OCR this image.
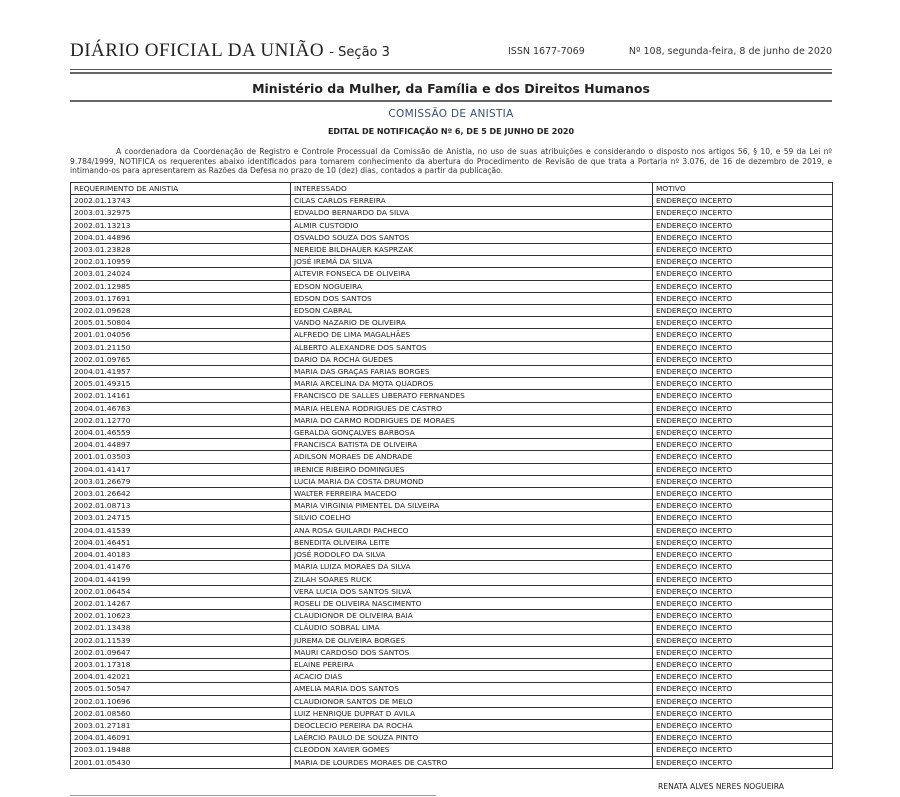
DIÁRIO OFICIAL DA UNIÃO - Seção 3	ISSN 1677-7069	Nº 108, segunda-feira, 8 de junho de 2020
Ministério da Mulher, da Família e dos Direitos Humanos
COMISSÃO DE ANISTIA
EDITAL DE NOTIFICAÇÃO Nº 6, DE 5 DE JUNHO DE 2020

A coordenadora da Coordenação de Registro e Controle Processual da Comissão de Anistia, no uso de suas atribuições e considerando o disposto nos artigos 56, § 10, e 59 da Lei nº 9.784/1999, NOTIFICA os requerentes abaixo identificados para tomarem conhecimento da abertura do Procedimento de Revisão de que trata a Portaria nº 3.076, de 16 de dezembro de 2019, e intimando-os para apresentarem as Razões da Defesa no prazo de 10 (dez) dias, contados a partir da publicação.

REQUERIMENTO DE ANISTIA	INTERESSADO	MOTIVO
2002.01.13743	CILAS CARLOS FERREIRA	ENDEREÇO INCERTO
2003.01.32975	EDVALDO BERNARDO DA SILVA	ENDEREÇO INCERTO
2002.01.13213	ALMIR CUSTODIO	ENDEREÇO INCERTO
2004.01.44896	OSVALDO SOUZA DOS SANTOS	ENDEREÇO INCERTO
2003.01.23828	NEREIDE BILDHAUER KASPRZAK	ENDEREÇO INCERTO
2002.01.10959	JOSÉ IREMÁ DA SILVA	ENDEREÇO INCERTO
2003.01.24024	ALTEVIR FONSECA DE OLIVEIRA	ENDEREÇO INCERTO
2002.01.12985	EDSON NOGUEIRA	ENDEREÇO INCERTO
2003.01.17691	EDSON DOS SANTOS	ENDEREÇO INCERTO
2002.01.09628	EDSON CABRAL	ENDEREÇO INCERTO
2005.01.50804	VANDO NAZARIO DE OLIVEIRA	ENDEREÇO INCERTO
2001.01.04056	ALFREDO DE LIMA MAGALHÃES	ENDEREÇO INCERTO
2003.01.21150	ALBERTO ALEXANDRE DOS SANTOS	ENDEREÇO INCERTO
2002.01.09765	DARIO DA ROCHA GUEDES	ENDEREÇO INCERTO
2004.01.41957	MARIA DAS GRAÇAS FARIAS BORGES	ENDEREÇO INCERTO
2005.01.49315	MARIA ARCELINA DA MOTA QUADROS	ENDEREÇO INCERTO
2002.01.14161	FRANCISCO DE SALLES LIBERATO FERNANDES	ENDEREÇO INCERTO
2004.01.46763	MARIA HELENA RODRIGUES DE CASTRO	ENDEREÇO INCERTO
2002.01.12770	MARIA DO CARMO RODRIGUES DE MORAES	ENDEREÇO INCERTO
2004.01.46559	GERALDA GONÇALVES BARBOSA	ENDEREÇO INCERTO
2004.01.44897	FRANCISCA BATISTA DE OLIVEIRA	ENDEREÇO INCERTO
2001.01.03503	ADILSON MORAES DE ANDRADE	ENDEREÇO INCERTO
2004.01.41417	IRENICE RIBEIRO DOMINGUES	ENDEREÇO INCERTO
2003.01.26679	LUCIA MARIA DA COSTA DRUMOND	ENDEREÇO INCERTO
2003.01.26642	WALTER FERREIRA MACEDO	ENDEREÇO INCERTO
2002.01.08713	MARIA VIRGINIA PIMENTEL DA SILVEIRA	ENDEREÇO INCERTO
2003.01.24715	SILVIO COELHO	ENDEREÇO INCERTO
2004.01.41539	ANA ROSA GUILARDI PACHECO	ENDEREÇO INCERTO
2004.01.46451	BENEDITA OLIVEIRA LEITE	ENDEREÇO INCERTO
2004.01.40183	JOSÉ RODOLFO DA SILVA	ENDEREÇO INCERTO
2004.01.41476	MARIA LUIZA MORAES DA SILVA	ENDEREÇO INCERTO
2004.01.44199	ZILAH SOARES RUCK	ENDEREÇO INCERTO
2002.01.06454	VERA LUCIA DOS SANTOS SILVA	ENDEREÇO INCERTO
2002.01.14267	ROSELI DE OLIVEIRA NASCIMENTO	ENDEREÇO INCERTO
2002.01.10623	CLAUDIONOR DE OLIVEIRA BAIA	ENDEREÇO INCERTO
2002.01.13438	CLÁUDIO SOBRAL LIMA	ENDEREÇO INCERTO
2002.01.11539	JUREMA DE OLIVEIRA BORGES	ENDEREÇO INCERTO
2002.01.09647	MAURI CARDOSO DOS SANTOS	ENDEREÇO INCERTO
2003.01.17318	ELAINE PEREIRA	ENDEREÇO INCERTO
2004.01.42021	ACACIO DIAS	ENDEREÇO INCERTO
2005.01.50547	AMELIA MARIA DOS SANTOS	ENDEREÇO INCERTO
2002.01.10696	CLAUDIONOR SANTOS DE MELO	ENDEREÇO INCERTO
2002.01.08560	LUIZ HENRIQUE DUPRAT D AVILA	ENDEREÇO INCERTO
2003.01.27181	DEOCLECIO PEREIRA DA ROCHA	ENDEREÇO INCERTO
2004.01.46091	LAÉRCIO PAULO DE SOUZA PINTO	ENDEREÇO INCERTO
2003.01.19488	CLEODON XAVIER GOMES	ENDEREÇO INCERTO
2001.01.05430	MARIA DE LOURDES MORAES DE CASTRO	ENDEREÇO INCERTO
RENATA ALVES NERES NOGUEIRA
